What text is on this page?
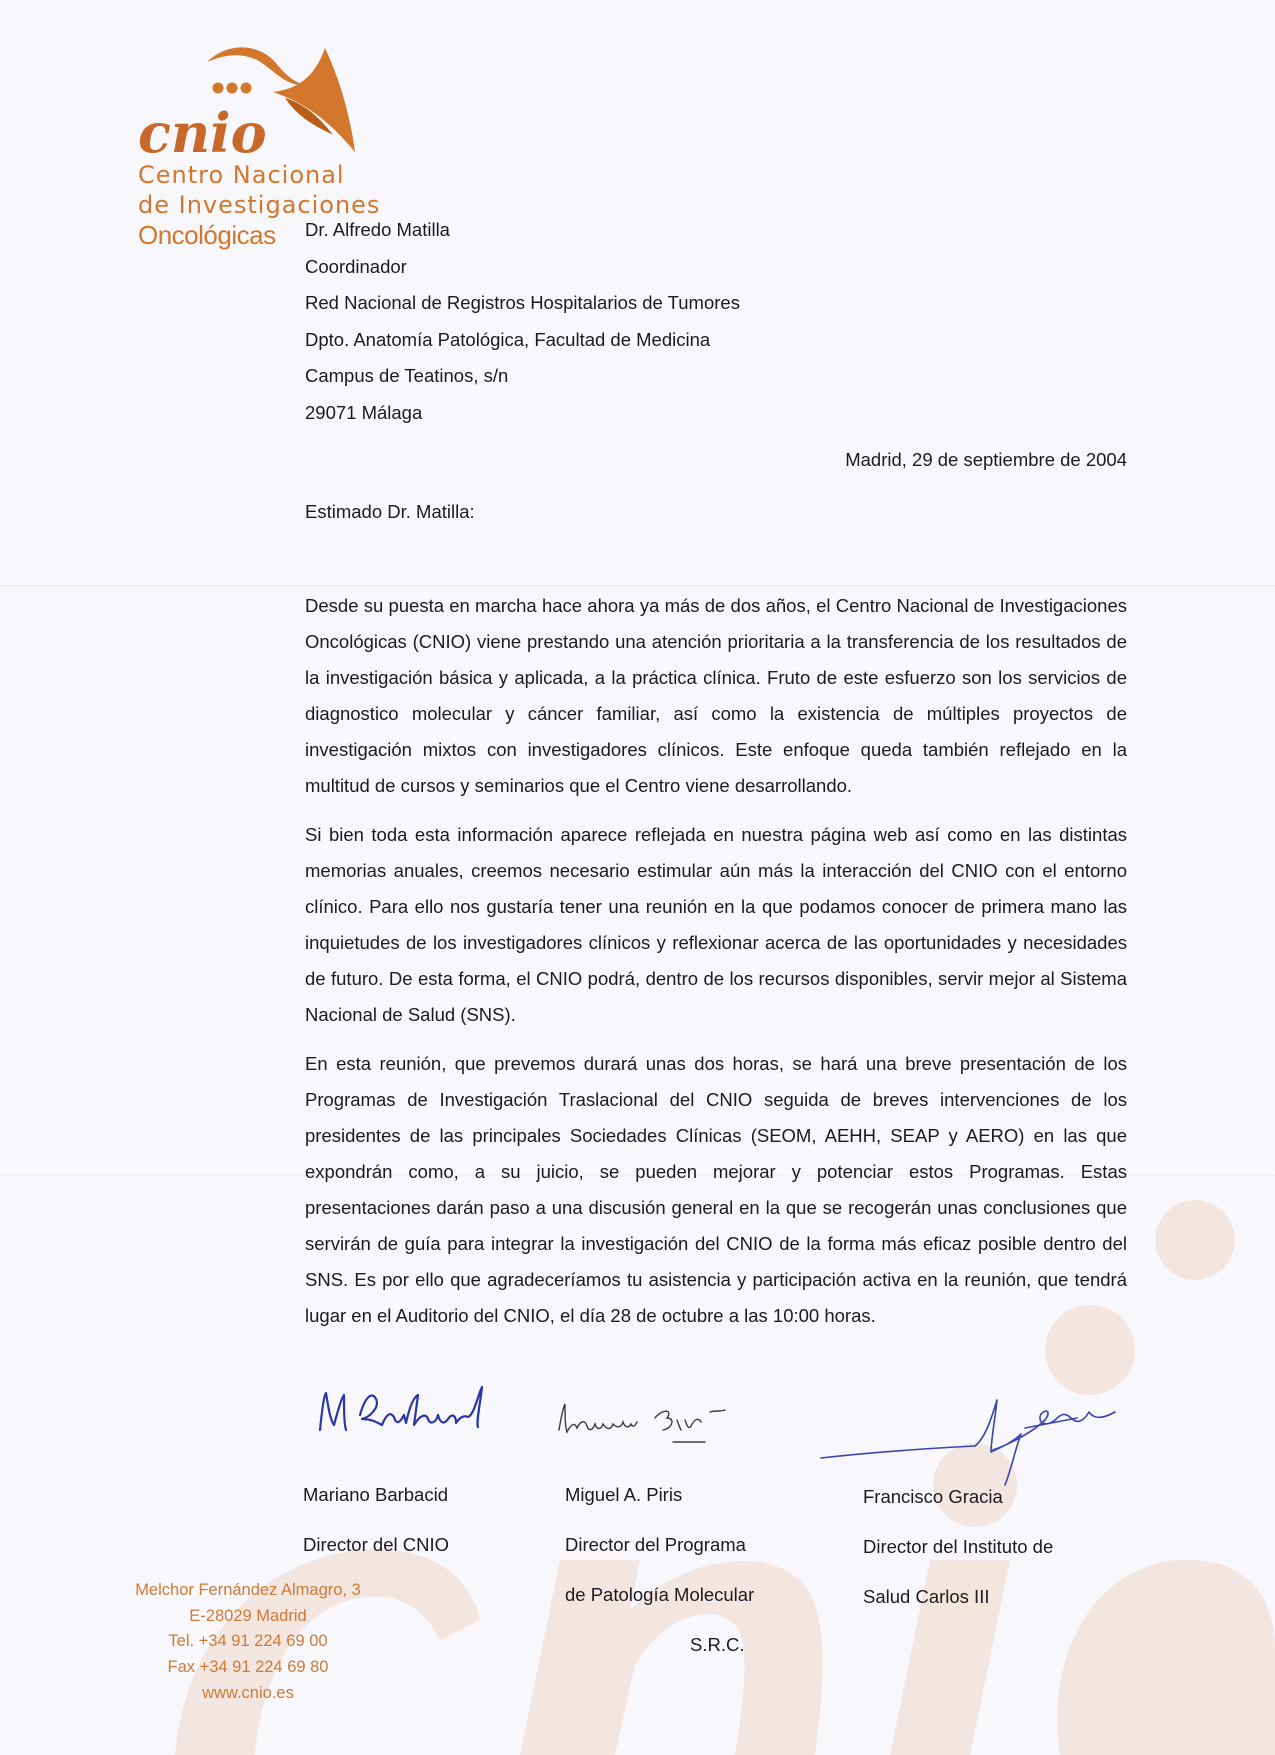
cnio
Centro Nacional
de Investigaciones
Oncológicas	Dr. Alfredo Matilla
Coordinador
Red Nacional de Registros Hospitalarios de Tumores
Dpto. Anatomía Patológica, Facultad de Medicina
Campus de Teatinos, s/n
29071 Málaga
Madrid, 29 de septiembre de 2004
Estimado Dr. Matilla:

Desde su puesta en marcha hace ahora ya más de dos años, el Centro Nacional de Investigaciones Oncológicas (CNIO) viene prestando una atención prioritaria a la transferencia de los resultados de la investigación básica y aplicada, a la práctica clínica. Fruto de este esfuerzo son los servicios de diagnostico molecular y cáncer familiar, así como la existencia de múltiples proyectos de investigación mixtos con investigadores clínicos. Este enfoque queda también reflejado en la multitud de cursos y seminarios que el Centro viene desarrollando.

Si bien toda esta información aparece reflejada en nuestra página web así como en las distintas memorias anuales, creemos necesario estimular aún más la interacción del CNIO con el entorno clínico. Para ello nos gustaría tener una reunión en la que podamos conocer de primera mano las inquietudes de los investigadores clínicos y reflexionar acerca de las oportunidades y necesidades de futuro. De esta forma, el CNIO podrá, dentro de los recursos disponibles, servir mejor al Sistema Nacional de Salud (SNS).

En esta reunión, que prevemos durará unas dos horas, se hará una breve presentación de los Programas de Investigación Traslacional del CNIO seguida de breves intervenciones de los presidentes de las principales Sociedades Clínicas (SEOM, AEHH, SEAP y AERO) en las que expondrán como, a su juicio, se pueden mejorar y potenciar estos Programas. Estas presentaciones darán paso a una discusión general en la que se recogerán unas conclusiones que servirán de guía para integrar la investigación del CNIO de la forma más eficaz posible dentro del SNS. Es por ello que agradeceríamos tu asistencia y participación activa en la reunión, que tendrá lugar en el Auditorio del CNIO, el día 28 de octubre a las 10:00 horas.

Mariano Barbacid
Director del CNIO
Miguel A. Piris
Director del Programa
de Patología Molecular
S.R.C.
Francisco Gracia
Director del Instituto de
Salud Carlos III
Melchor Fernández Almagro, 3
E-28029 Madrid
Tel. +34 91 224 69 00
Fax +34 91 224 69 80
www.cnio.es
